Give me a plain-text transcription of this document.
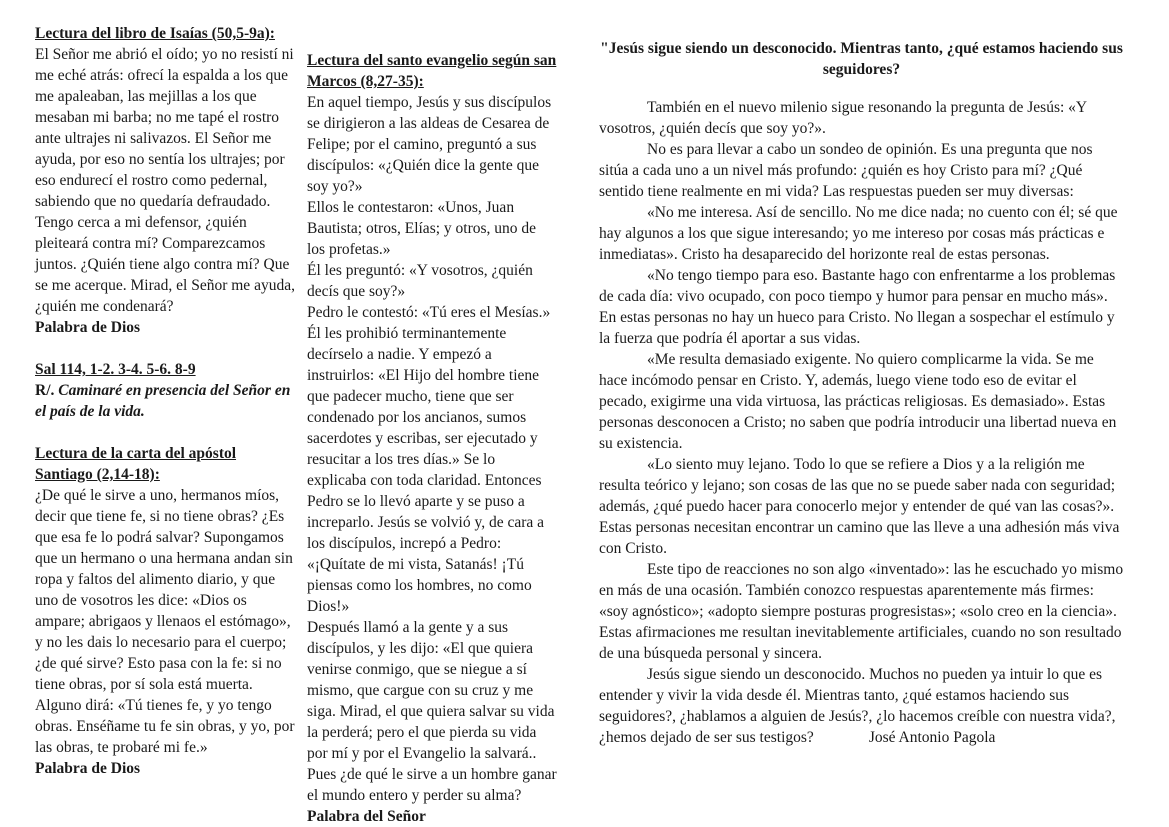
Lectura del libro de Isaías (50,5-9a):
El Señor me abrió el oído; yo no resistí ni me eché atrás: ofrecí la espalda a los que me apaleaban, las mejillas a los que mesaban mi barba; no me tapé el rostro ante ultrajes ni salivazos. El Señor me ayuda, por eso no sentía los ultrajes; por eso endurecí el rostro como pedernal, sabiendo que no quedaría defraudado. Tengo cerca a mi defensor, ¿quién pleiteará contra mí? Comparezcamos juntos. ¿Quién tiene algo contra mí? Que se me acerque. Mirad, el Señor me ayuda, ¿quién me condenará?
Palabra de Dios
Sal 114, 1-2. 3-4. 5-6. 8-9
R/. Caminaré en presencia del Señor en el país de la vida.
Lectura de la carta del apóstol Santiago (2,14-18):
¿De qué le sirve a uno, hermanos míos, decir que tiene fe, si no tiene obras? ¿Es que esa fe lo podrá salvar? Supongamos que un hermano o una hermana andan sin ropa y faltos del alimento diario, y que uno de vosotros les dice: «Dios os ampare; abrigaos y llenaos el estómago», y no les dais lo necesario para el cuerpo; ¿de qué sirve? Esto pasa con la fe: si no tiene obras, por sí sola está muerta. Alguno dirá: «Tú tienes fe, y yo tengo obras. Enséñame tu fe sin obras, y yo, por las obras, te probaré mi fe.»
Palabra de Dios
Lectura del santo evangelio según san Marcos (8,27-35):
En aquel tiempo, Jesús y sus discípulos se dirigieron a las aldeas de Cesarea de Felipe; por el camino, preguntó a sus discípulos: «¿Quién dice la gente que soy yo?»
Ellos le contestaron: «Unos, Juan Bautista; otros, Elías; y otros, uno de los profetas.»
Él les preguntó: «Y vosotros, ¿quién decís que soy?»
Pedro le contestó: «Tú eres el Mesías.»
Él les prohibió terminantemente decírselo a nadie. Y empezó a instruirlos: «El Hijo del hombre tiene que padecer mucho, tiene que ser condenado por los ancianos, sumos sacerdotes y escribas, ser ejecutado y resucitar a los tres días.» Se lo explicaba con toda claridad. Entonces Pedro se lo llevó aparte y se puso a increparlo. Jesús se volvió y, de cara a los discípulos, increpó a Pedro: «¡Quítate de mi vista, Satanás! ¡Tú piensas como los hombres, no como Dios!»
Después llamó a la gente y a sus discípulos, y les dijo: «El que quiera venirse conmigo, que se niegue a sí mismo, que cargue con su cruz y me siga. Mirad, el que quiera salvar su vida la perderá; pero el que pierda su vida por mí y por el Evangelio la salvará.. Pues ¿de qué le sirve a un hombre ganar el mundo entero y perder su alma? Palabra del Señor
"Jesús sigue siendo un desconocido. Mientras tanto, ¿qué estamos haciendo sus seguidores?
También en el nuevo milenio sigue resonando la pregunta de Jesús: «Y vosotros, ¿quién decís que soy yo?».
No es para llevar a cabo un sondeo de opinión. Es una pregunta que nos sitúa a cada uno a un nivel más profundo: ¿quién es hoy Cristo para mí? ¿Qué sentido tiene realmente en mi vida? Las respuestas pueden ser muy diversas:
«No me interesa. Así de sencillo. No me dice nada; no cuento con él; sé que hay algunos a los que sigue interesando; yo me intereso por cosas más prácticas e inmediatas». Cristo ha desaparecido del horizonte real de estas personas.
«No tengo tiempo para eso. Bastante hago con enfrentarme a los problemas de cada día: vivo ocupado, con poco tiempo y humor para pensar en mucho más». En estas personas no hay un hueco para Cristo. No llegan a sospechar el estímulo y la fuerza que podría él aportar a sus vidas.
«Me resulta demasiado exigente. No quiero complicarme la vida. Se me hace incómodo pensar en Cristo. Y, además, luego viene todo eso de evitar el pecado, exigirme una vida virtuosa, las prácticas religiosas. Es demasiado». Estas personas desconocen a Cristo; no saben que podría introducir una libertad nueva en su existencia.
«Lo siento muy lejano. Todo lo que se refiere a Dios y a la religión me resulta teórico y lejano; son cosas de las que no se puede saber nada con seguridad; además, ¿qué puedo hacer para conocerlo mejor y entender de qué van las cosas?». Estas personas necesitan encontrar un camino que las lleve a una adhesión más viva con Cristo.
Este tipo de reacciones no son algo «inventado»: las he escuchado yo mismo en más de una ocasión. También conozco respuestas aparentemente más firmes: «soy agnóstico»; «adopto siempre posturas progresistas»; «solo creo en la ciencia». Estas afirmaciones me resultan inevitablemente artificiales, cuando no son resultado de una búsqueda personal y sincera.
Jesús sigue siendo un desconocido. Muchos no pueden ya intuir lo que es entender y vivir la vida desde él. Mientras tanto, ¿qué estamos haciendo sus seguidores?, ¿hablamos a alguien de Jesús?, ¿lo hacemos creíble con nuestra vida?, ¿hemos dejado de ser sus testigos?	José Antonio Pagola
